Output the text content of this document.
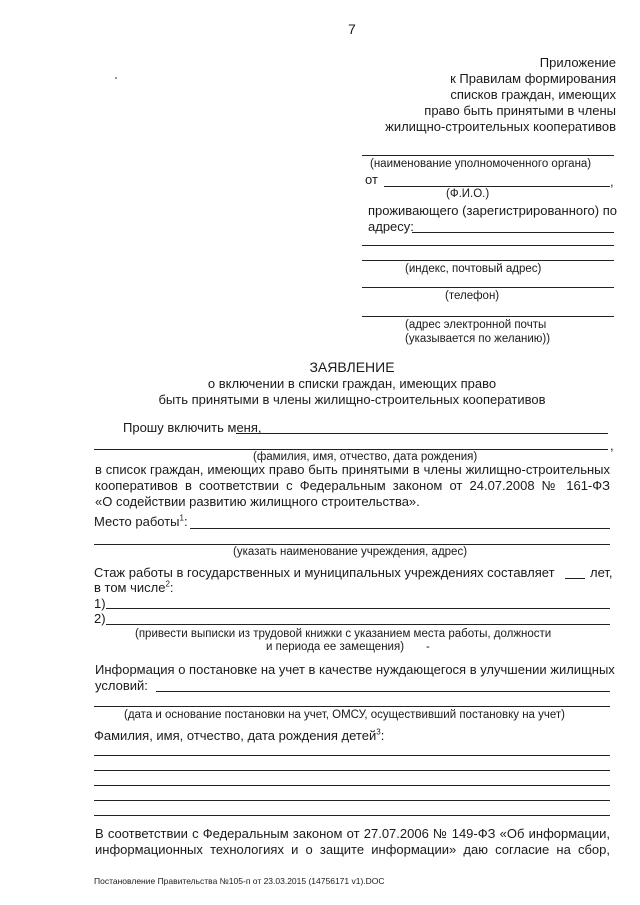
7
Приложение
к Правилам формирования
списков граждан, имеющих
право быть принятыми в члены
жилищно-строительных кооперативов
(наименование уполномоченного органа)
от	,
(Ф.И.О.)
проживающего (зарегистрированного) по
адресу:
(индекс, почтовый адрес)
(телефон)
(адрес электронной почты
(указывается по желанию))
ЗАЯВЛЕНИЕ
о включении в списки граждан, имеющих право
быть принятыми в члены жилищно-строительных кооперативов
Прошу включить меня,
,
(фамилия, имя, отчество, дата рождения)
в список граждан, имеющих право быть принятыми в члены жилищно-строительных
кооперативов в соответствии с Федеральным законом от 24.07.2008 № 161-ФЗ
«О содействии развитию жилищного строительства».
Место работы$^1$:
(указать наименование учреждения, адрес)
Стаж работы в государственных и муниципальных учреждениях составляет	лет,
в том числе$^2$:
1)
2)
(привести выписки из трудовой книжки с указанием места работы, должности
и периода ее замещения) -
Информация о постановке на учет в качестве нуждающегося в улучшении жилищных
условий:
(дата и основание постановки на учет, ОМСУ, осуществивший постановку на учет)
Фамилия, имя, отчество, дата рождения детей$^3$:
В соответствии с Федеральным законом от 27.07.2006 № 149-ФЗ «Об информации,
информационных технологиях и о защите информации» даю согласие на сбор,
Постановление Правительства №105-п от 23.03.2015 (14756171 v1).DOC
